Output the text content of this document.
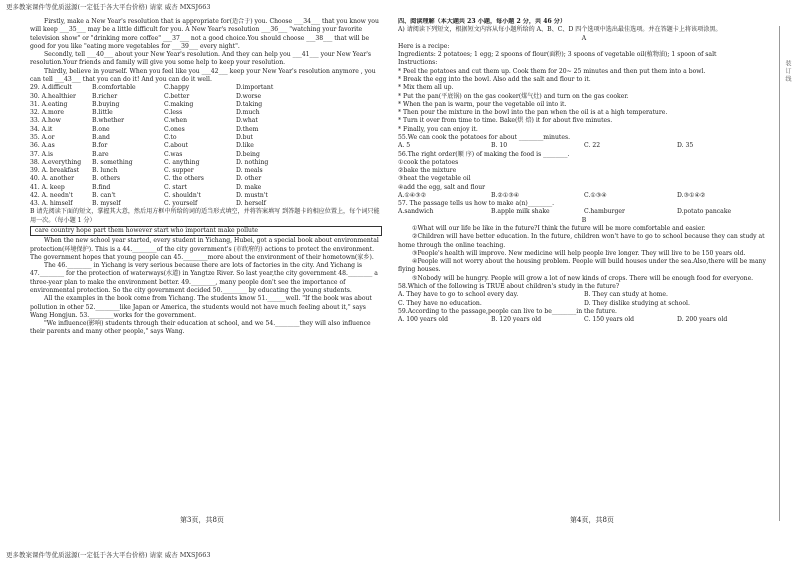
更多教案课件等优质滋源(一定低于各大平台价格) 请家 威杏 MXSJ663

Firstly, make a New Year's resolution that is appropriate for(适合于) you. Choose ___34___ that you know you will keep ___35___ may be a little difficult for you. A New Year's resolution ___36___ "watching your favorite television show" or "drinking more coffee" ___37___ not a good choice.You should choose ___38___ that will be good for you like "eating more vegetables for ___39___ every night".

Secondly, tell ___40___ about your New Year's resolution. And they can help you ___41___ your New Year's resolution.Your friends and family will give you some help to keep your resolution.

Thirdly, believe in yourself. When you feel like you ___42___ keep your New Year's resolution anymore , you can tell ___43___ that you can do it! And you can do it well.

29. A.difficult	B.comfortable	C.happy	D.important
30. A.healthier	B.richer	C.better	D.worse
31. A.eating	B.buying	C.making	D.taking
32. A.more	B.little	C.less	D.much
33. A.how	B.whether	C.when	D.what
34. A.it	B.one	C.ones	D.them
35. A.or	B.and	C.to	D.but
36. A.as	B.for	C.about	D.like
37. A.is	B.are	C.was	D.being
38. A.everything	B. something	C. anything	D. nothing
39. A. breakfast	B. lunch	C. supper	D. meals
40. A. another	B. others	C. the others	D. other
41. A. keep	B.find	C. start	D. make
42. A. needn't	B. can't	C. shouldn't	D. mustn't
43. A. himself	B. myself	C. yourself	D. herself

B 请先阅读下面的短文，掌握其大意，然后用方框中所给的词的适当形式填空，并将答案填写 到答题卡的相应位置上，每个词只能用一次。（每小题 1 分）

care country hope part them however start who important make pollute

When the new school year started, every student in Yichang, Hubei, got a special book about environmental protection(环境保护). This is a 44.________of the city government's (市政府的) actions to protect the environment. The government hopes that young people can 45.________more about the environment of their hometown(家乡).

The 46.________ in Yichang is very serious because there are lots of factories in the city. And Yichang is 47.________ for the protection of waterways(水道) in Yangtze River. So last year,the city government 48.________ a three-year plan to make the environment better. 49.________, many people don't see the importance of environmental protection. So the city government decided 50.________ by educating the young students.

All the examples in the book come from Yichang. The students know 51.______well. "If the book was about pollution in other 52.________like Japan or America, the students would not have much feeling about it," says Wang Hongjun. 53.________works for the government.

"We influence(影响) students through their education at school, and we 54.________they will also influence their parents and many other people," says Wang.

第3页，共8页

四、阅读理解（本大题共 23 小题，每小题 2 分，共 46 分）

A) 请阅读下列短文，根据短文内容从每小题所给的 A、B、C、D 四个选项中选出最佳选项。并在答题卡上将该项涂黑。

A

Here is a recipe:

Ingredients: 2 potatoes; 1 egg; 2 spoons of flour(面粉); 3 spoons of vegetable oil(植物油); 1 spoon of salt

Instructions:

* Peel the potatoes and cut them up. Cook them for 20~ 25 minutes and then put them into a bowl.

* Break the egg into the bowl. Also add the salt and flour to it.

* Mix them all up.

* Put the pan(平底锅) on the gas cooker(煤气灶) and turn on the gas cooker.

* When the pan is warm, pour the vegetable oil into it.

* Then pour the mixture in the bowl into the pan when the oil is at a high temperature.

* Turn it over from time to time. Bake(烘 焙) it for about five minutes.

* Finally, you can enjoy it.

55.We can cook the potatoes for about ________minutes.

A. 5	B. 10	C. 22	D. 35

56.The right order(顺 序) of making the food is ________.

①cook the potatoes

②bake the mixture

③heat the vegetable oil

④add the egg, salt and flour

A.①④③②	B.②①③④	C.①③④	D.③①④②

57. The passage tells us how to make a(n)________.

A.sandwich	B.apple milk shake	C.hamburger	D.potato pancake

B

①What will our life be like in the future?I think the future will be more comfortable and easier.

②Children will have better education. In the future, children won't have to go to school because they can study at home through the online teaching.

③People's health will improve. New medicine will help people live longer. They will live to be 150 years old.

④People will not worry about the housing problem. People will build houses under the sea.Also,there will be many flying houses.

⑤Nobody will be hungry. People will grow a lot of new kinds of crops. There will be enough food for everyone.

58.Which of the following is TRUE about children's study in the future?

A. They have to go to school every day.	B. They can study at home.
C. They have no education.	D. They dislike studying at school.

59.According to the passage,people can live to be________in the future.

A. 100 years old	B. 120 years old	C. 150 years old	D. 200 years old
第4页，共8页
装 订 线
更多教案课件等优质滋源(一定低于各大平台价格) 请家 威杏 MXSJ663
